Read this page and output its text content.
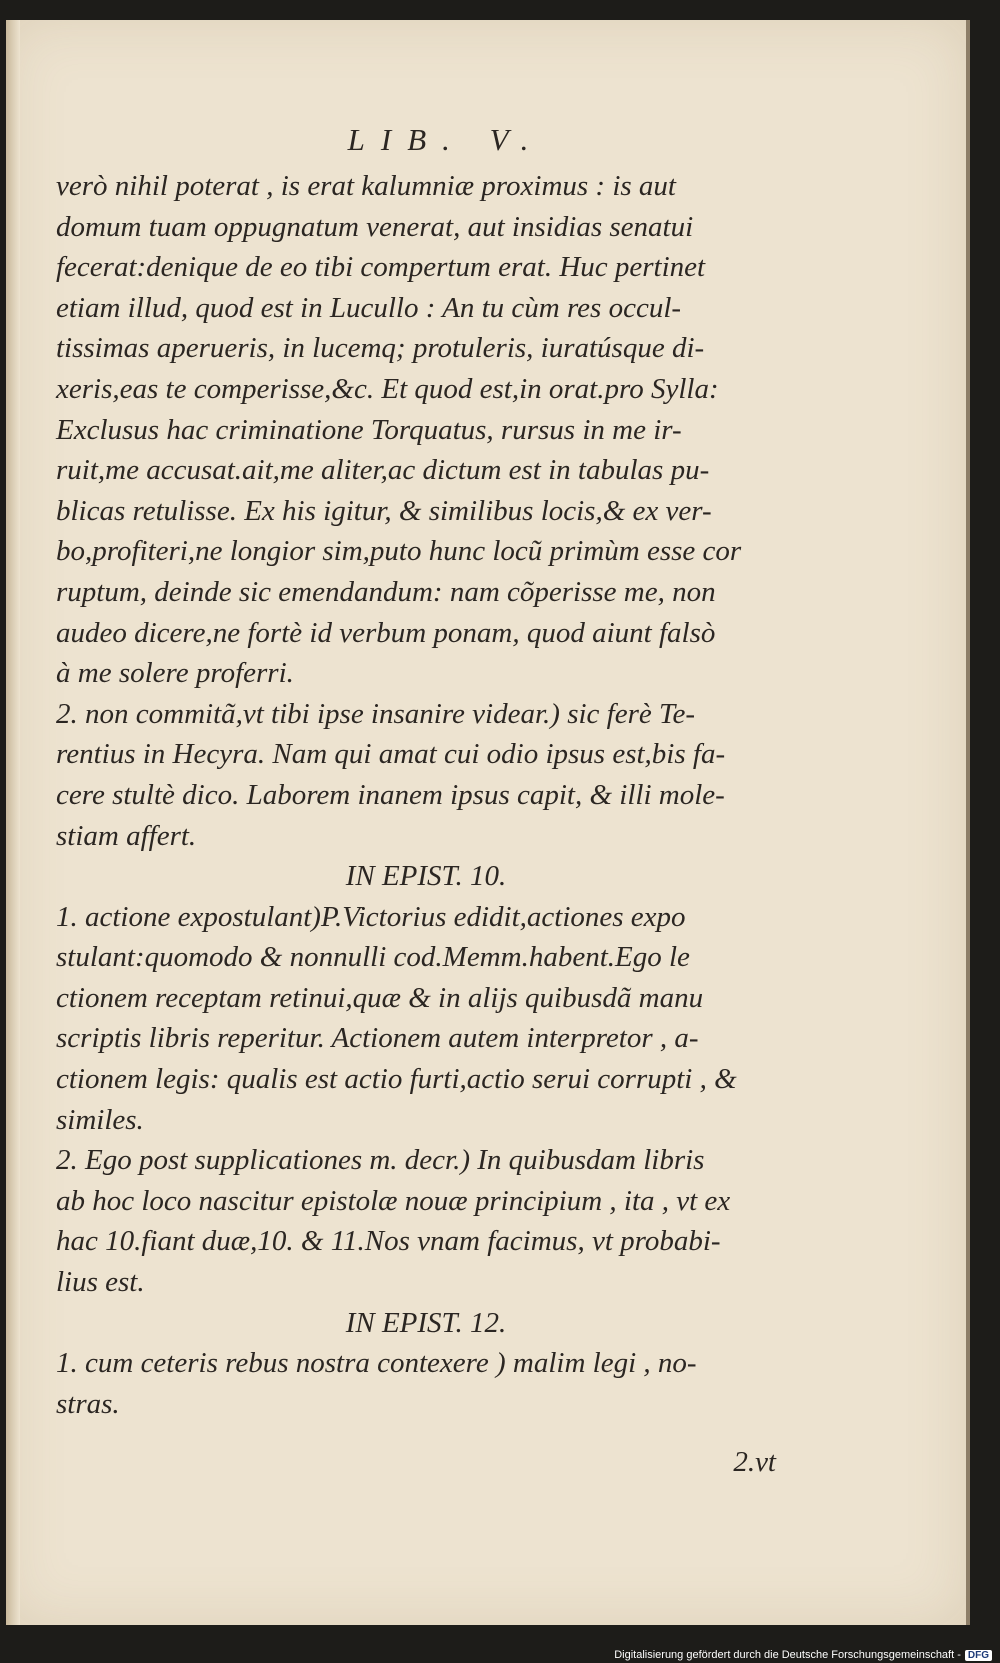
LIB. V.
verò nihil poterat , is erat kalumniæ proximus : is aut
domum tuam oppugnatum venerat, aut insidias senatui
fecerat:denique de eo tibi compertum erat. Huc pertinet
etiam illud, quod est in Lucullo : An tu cùm res occul-
tissimas aperueris, in lucemq; protuleris, iuratúsque di-
xeris,eas te comperisse,&c. Et quod est,in orat.pro Sylla:
Exclusus hac criminatione Torquatus, rursus in me ir-
ruit,me accusat.ait,me aliter,ac dictum est in tabulas pu-
blicas retulisse. Ex his igitur, & similibus locis,& ex ver-
bo,profiteri,ne longior sim,puto hunc locũ primùm esse cor
ruptum, deinde sic emendandum: nam cõperisse me, non
audeo dicere,ne fortè id verbum ponam, quod aiunt falsò
à me solere proferri.
2. non commitã,vt tibi ipse insanire videar.) sic ferè Te-
rentius in Hecyra. Nam qui amat cui odio ipsus est,bis fa-
cere stultè dico. Laborem inanem ipsus capit, & illi mole-
stiam affert.
IN EPIST. 10.
1. actione expostulant)P.Victorius edidit,actiones expo
stulant:quomodo & nonnulli cod.Memm.habent.Ego le
ctionem receptam retinui,quæ & in alijs quibusdã manu
scriptis libris reperitur. Actionem autem interpretor , a-
ctionem legis: qualis est actio furti,actio serui corrupti , &
similes.
2. Ego post supplicationes m. decr.) In quibusdam libris
ab hoc loco nascitur epistolæ nouæ principium , ita , vt ex
hac 10.fiant duæ,10. & 11.Nos vnam facimus, vt probabi-
lius est.
IN EPIST. 12.
1. cum ceteris rebus nostra contexere ) malim legi , no-
stras.
2.vt
Digitalisierung gefördert durch die Deutsche Forschungsgemeinschaft - DFG
